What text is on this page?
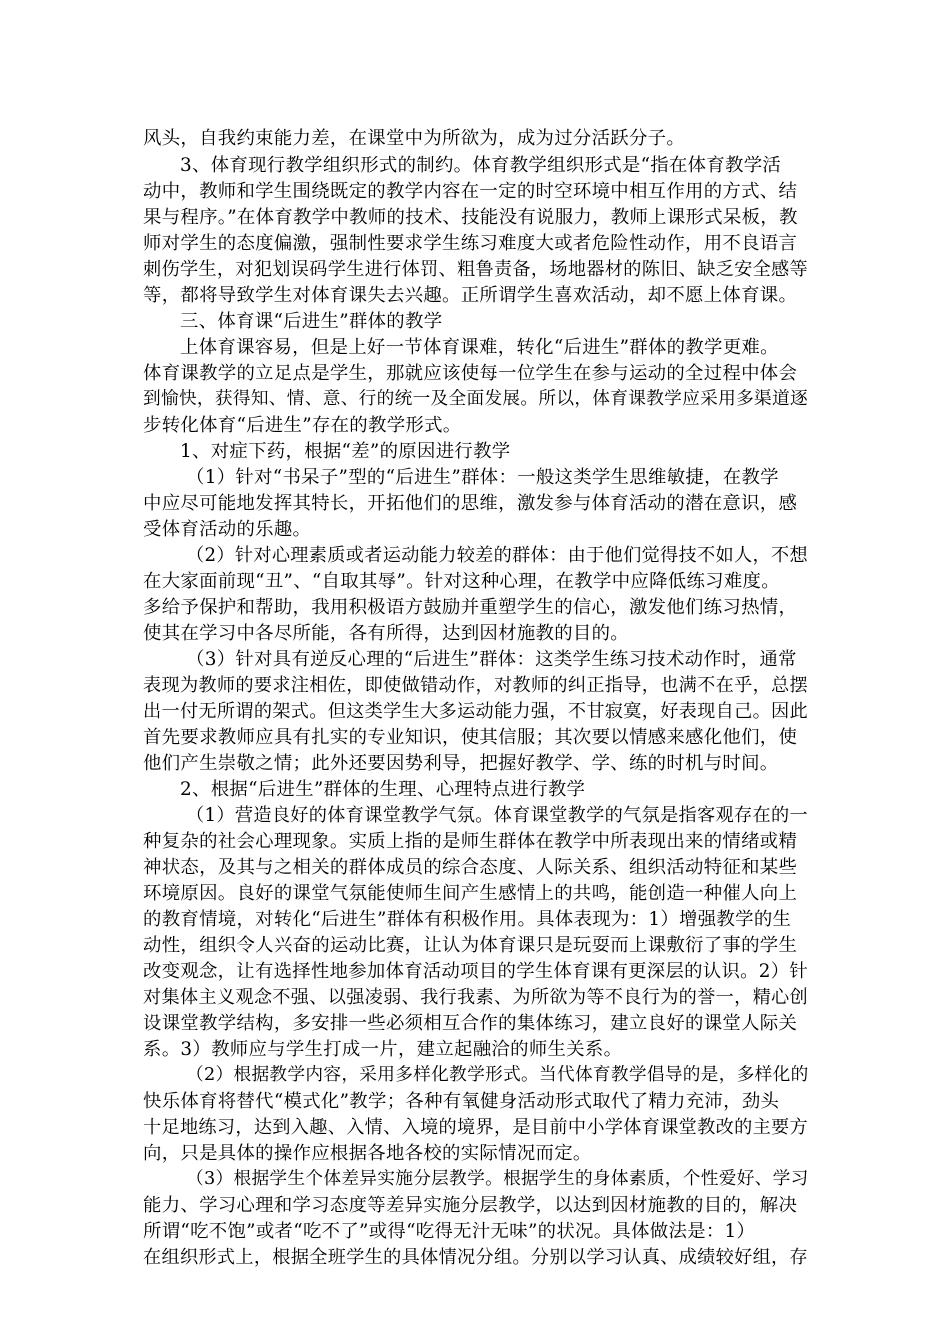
风头，自我约束能力差，在课堂中为所欲为，成为过分活跃分子。
3、体育现行教学组织形式的制约。体育教学组织形式是“指在体育教学活
动中，教师和学生围绕既定的教学内容在一定的时空环境中相互作用的方式、结
果与程序。”在体育教学中教师的技术、技能没有说服力，教师上课形式呆板，教
师对学生的态度偏激，强制性要求学生练习难度大或者危险性动作，用不良语言
刺伤学生，对犯划误码学生进行体罚、粗鲁责备，场地器材的陈旧、缺乏安全感等
等，都将导致学生对体育课失去兴趣。正所谓学生喜欢活动，却不愿上体育课。
三、体育课“后进生”群体的教学
上体育课容易，但是上好一节体育课难，转化“后进生”群体的教学更难。
体育课教学的立足点是学生，那就应该使每一位学生在参与运动的全过程中体会
到愉快，获得知、情、意、行的统一及全面发展。所以，体育课教学应采用多渠道逐
步转化体育“后进生”存在的教学形式。
1、对症下药，根据“差”的原因进行教学
（1）针对“书呆子”型的“后进生”群体：一般这类学生思维敏捷，在教学
中应尽可能地发挥其特长，开拓他们的思维，激发参与体育活动的潜在意识，感
受体育活动的乐趣。
（2）针对心理素质或者运动能力较差的群体：由于他们觉得技不如人，不想
在大家面前现“丑”、“自取其辱”。针对这种心理，在教学中应降低练习难度。
多给予保护和帮助，我用积极语方鼓励并重塑学生的信心，激发他们练习热情，
使其在学习中各尽所能，各有所得，达到因材施教的目的。
（3）针对具有逆反心理的“后进生”群体：这类学生练习技术动作时，通常
表现为教师的要求注相佐，即使做错动作，对教师的纠正指导，也满不在乎，总摆
出一付无所谓的架式。但这类学生大多运动能力强，不甘寂寞，好表现自己。因此
首先要求教师应具有扎实的专业知识，使其信服；其次要以情感来感化他们，使
他们产生崇敬之情；此外还要因势利导，把握好教学、学、练的时机与时间。
2、根据“后进生”群体的生理、心理特点进行教学
（1）营造良好的体育课堂教学气氛。体育课堂教学的气氛是指客观存在的一
种复杂的社会心理现象。实质上指的是师生群体在教学中所表现出来的情绪或精
神状态，及其与之相关的群体成员的综合态度、人际关系、组织活动特征和某些
环境原因。良好的课堂气氛能使师生间产生感情上的共鸣，能创造一种催人向上
的教育情境，对转化“后进生”群体有积极作用。具体表现为：1）增强教学的生
动性，组织令人兴奋的运动比赛，让认为体育课只是玩耍而上课敷衍了事的学生
改变观念，让有选择性地参加体育活动项目的学生体育课有更深层的认识。2）针
对集体主义观念不强、以强凌弱、我行我素、为所欲为等不良行为的誉一，精心创
设课堂教学结构，多安排一些必须相互合作的集体练习，建立良好的课堂人际关
系。3）教师应与学生打成一片，建立起融洽的师生关系。
（2）根据教学内容，采用多样化教学形式。当代体育教学倡导的是，多样化的
快乐体育将替代“模式化”教学；各种有氧健身活动形式取代了精力充沛，劲头
十足地练习，达到入趣、入情、入境的境界，是目前中小学体育课堂教改的主要方
向，只是具体的操作应根据各地各校的实际情况而定。
（3）根据学生个体差异实施分层教学。根据学生的身体素质，个性爱好、学习
能力、学习心理和学习态度等差异实施分层教学，以达到因材施教的目的，解决
所谓“吃不饱”或者“吃不了”或得“吃得无汁无味”的状况。具体做法是：1）
在组织形式上，根据全班学生的具体情况分组。分别以学习认真、成绩较好组，存
